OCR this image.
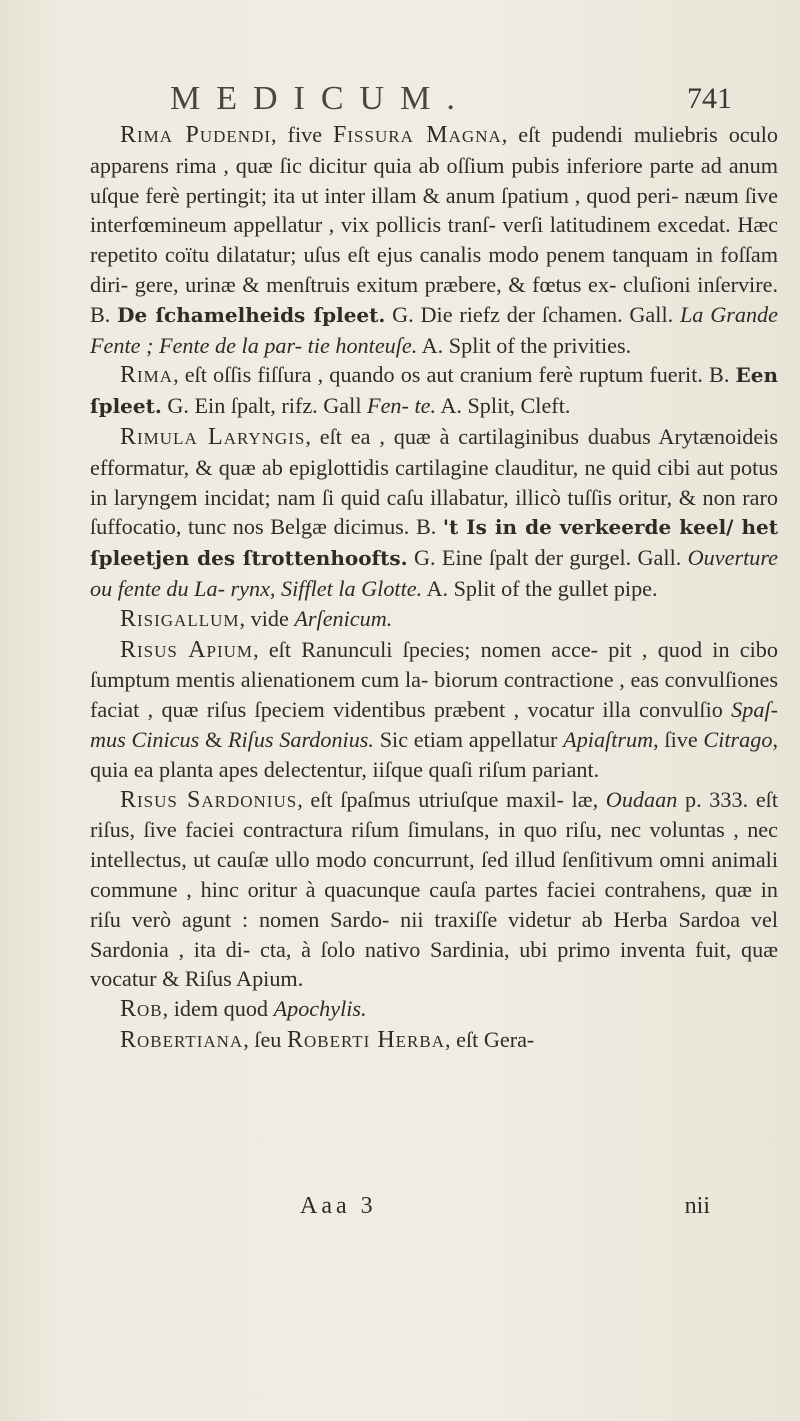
MEDICUM.	741

Rima Pudendi, five Fissura Magna, eſt pudendi muliebris oculo apparens rima , quæ ſic dicitur quia ab oſſium pubis inferiore parte ad anum uſque ferè pertingit; ita ut inter illam & anum ſpatium , quod peri- næum ſive interfœmineum appellatur , vix pollicis tranſ- verſi latitudinem excedat. Hæc repetito coïtu dilatatur; uſus eſt ejus canalis modo penem tanquam in foſſam diri- gere, urinæ & menſtruis exitum præbere, & fœtus ex- cluſioni inſervire. B. De ſchamelheids ſpleet. G. Die riefz der ſchamen. Gall. La Grande Fente ; Fente de la par- tie honteuſe. A. Split of the privities.

Rima, eſt oſſis fiſſura , quando os aut cranium ferè ruptum fuerit. B. Een ſpleet. G. Ein ſpalt, rifz. Gall Fen- te. A. Split, Cleft.

Rimula Laryngis, eſt ea , quæ à cartilaginibus duabus Arytænoideis efformatur, & quæ ab epiglottidis cartilagine clauditur, ne quid cibi aut potus in laryngem incidat; nam ſi quid caſu illabatur, illicò tuſſis oritur, & non raro ſuffocatio, tunc nos Belgæ dicimus. B. 't Is in de verkeerde keel/ het ſpleetjen des ſtrottenhoofts. G. Eine ſpalt der gurgel. Gall. Ouverture ou fente du La- rynx, Sifflet la Glotte. A. Split of the gullet pipe.

Risigallum, vide Arſenicum.

Risus Apium, eſt Ranunculi ſpecies; nomen acce- pit , quod in cibo ſumptum mentis alienationem cum la- biorum contractione , eas convulſiones faciat , quæ riſus ſpeciem videntibus præbent , vocatur illa convulſio Spaſ- mus Cinicus & Riſus Sardonius. Sic etiam appellatur Apiaſtrum, ſive Citrago, quia ea planta apes delectentur, iiſque quaſi riſum pariant.

Risus Sardonius, eſt ſpaſmus utriuſque maxil- læ, Oudaan p. 333. eſt riſus, ſive faciei contractura riſum ſimulans, in quo riſu, nec voluntas , nec intellectus, ut cauſæ ullo modo concurrunt, ſed illud ſenſitivum omni animali commune , hinc oritur à quacunque cauſa partes faciei contrahens, quæ in riſu verò agunt : nomen Sardo- nii traxiſſe videtur ab Herba Sardoa vel Sardonia , ita di- cta, à ſolo nativo Sardinia, ubi primo inventa fuit, quæ vocatur & Riſus Apium.

Rob, idem quod Apochylis.

Robertiana, ſeu Roberti Herba, eſt Gera-

Aaa 3	nii
